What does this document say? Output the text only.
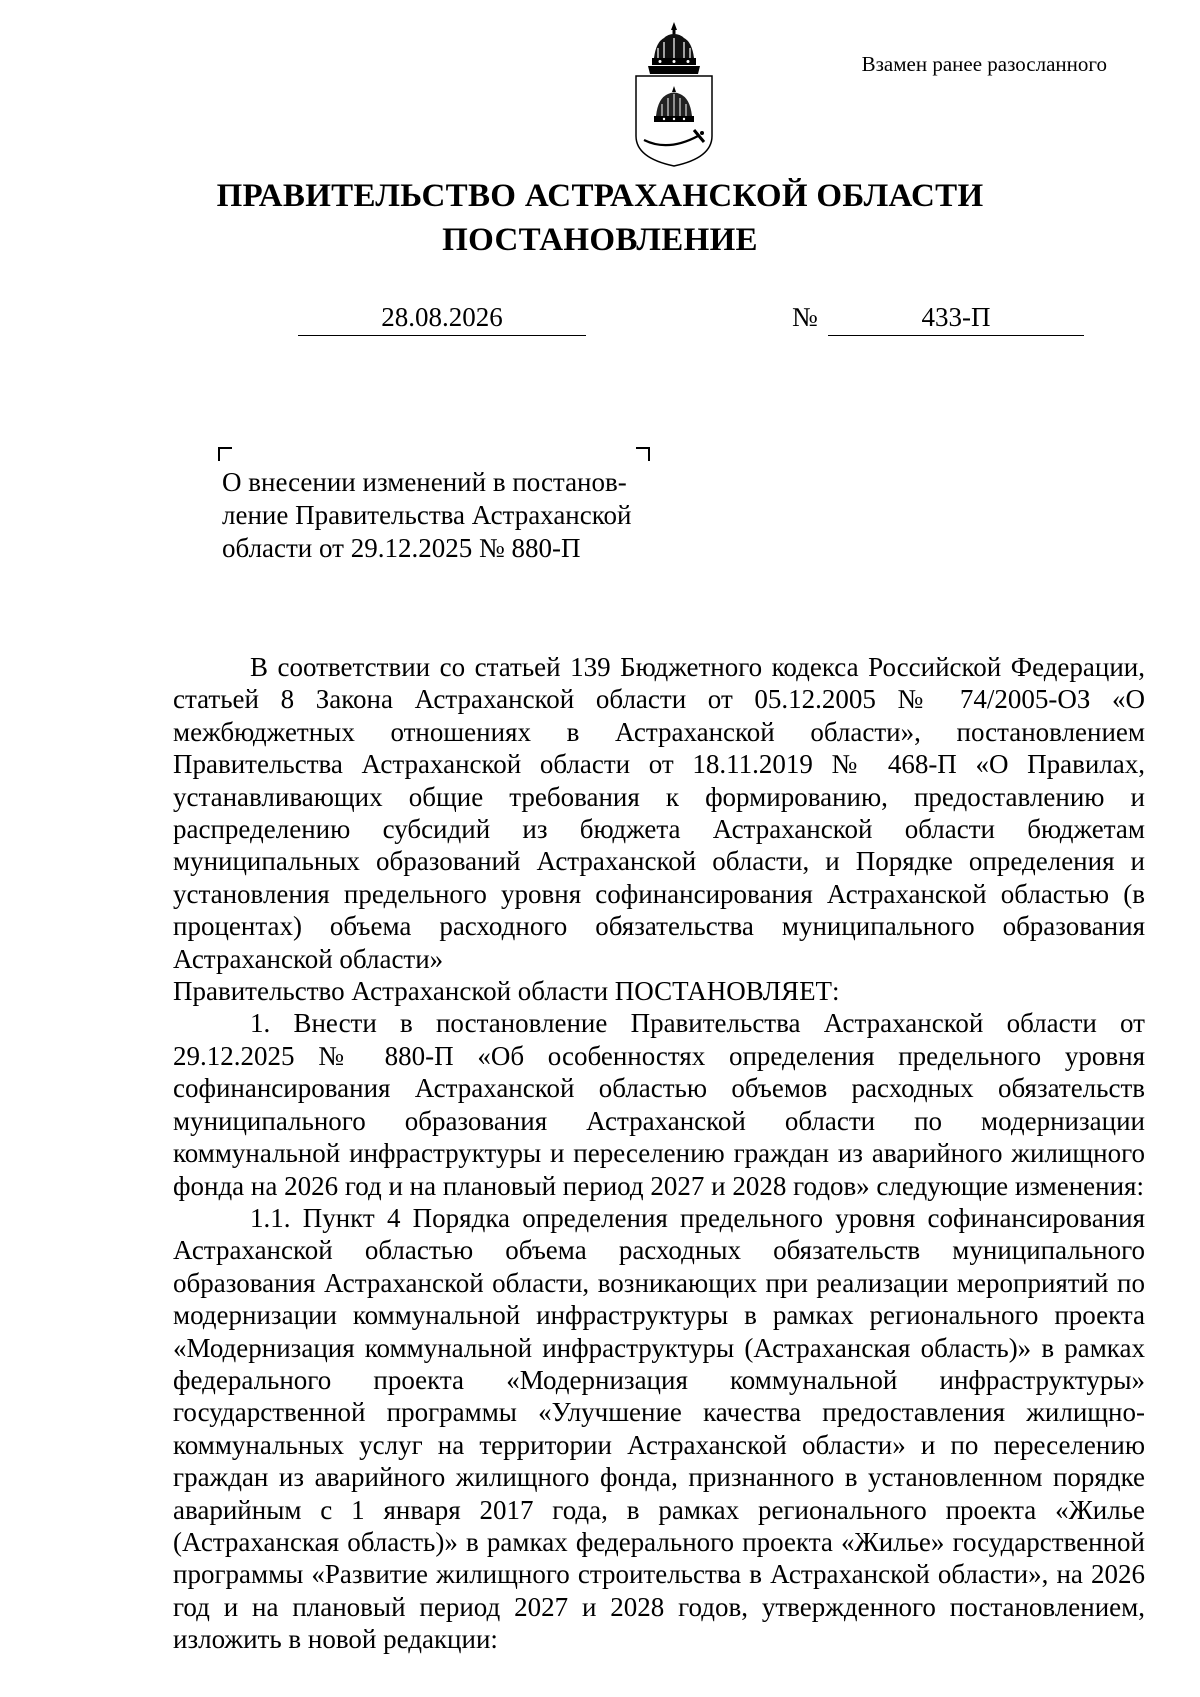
Взамен ранее разосланного
ПРАВИТЕЛЬСТВО АСТРАХАНСКОЙ ОБЛАСТИ
ПОСТАНОВЛЕНИЕ
28.08.2026	№	433-П

О внесении изменений в постанов-ление Правительства Астраханской области от 29.12.2025 № 880-П

В соответствии со статьей 139 Бюджетного кодекса Российской Федерации, статьей 8 Закона Астраханской области от 05.12.2005 № 74/2005-ОЗ «О межбюджетных отношениях в Астраханской области», постановлением Правительства Астраханской области от 18.11.2019 № 468-П «О Правилах, устанавливающих общие требования к формированию, предоставлению и распределению субсидий из бюджета Астраханской области бюджетам муниципальных образований Астраханской области, и Порядке определения и установления предельного уровня софинансирования Астраханской областью (в процентах) объема расходного обязательства муниципального образования Астраханской области»

Правительство Астраханской области ПОСТАНОВЛЯЕТ:

1. Внести в постановление Правительства Астраханской области от 29.12.2025 № 880-П «Об особенностях определения предельного уровня софинансирования Астраханской областью объемов расходных обязательств муниципального образования Астраханской области по модернизации коммунальной инфраструктуры и переселению граждан из аварийного жилищного фонда на 2026 год и на плановый период 2027 и 2028 годов» следующие изменения:

1.1. Пункт 4 Порядка определения предельного уровня софинансирования Астраханской областью объема расходных обязательств муниципального образования Астраханской области, возникающих при реализации мероприятий по модернизации коммунальной инфраструктуры в рамках регионального проекта «Модернизация коммунальной инфраструктуры (Астраханская область)» в рамках федерального проекта «Модернизация коммунальной инфраструктуры» государственной программы «Улучшение качества предоставления жилищно-коммунальных услуг на территории Астраханской области» и по переселению граждан из аварийного жилищного фонда, признанного в установленном порядке аварийным с 1 января 2017 года, в рамках регионального проекта «Жилье (Астраханская область)» в рамках федерального проекта «Жилье» государственной программы «Развитие жилищного строительства в Астраханской области», на 2026 год и на плановый период 2027 и 2028 годов, утвержденного постановлением, изложить в новой редакции:
